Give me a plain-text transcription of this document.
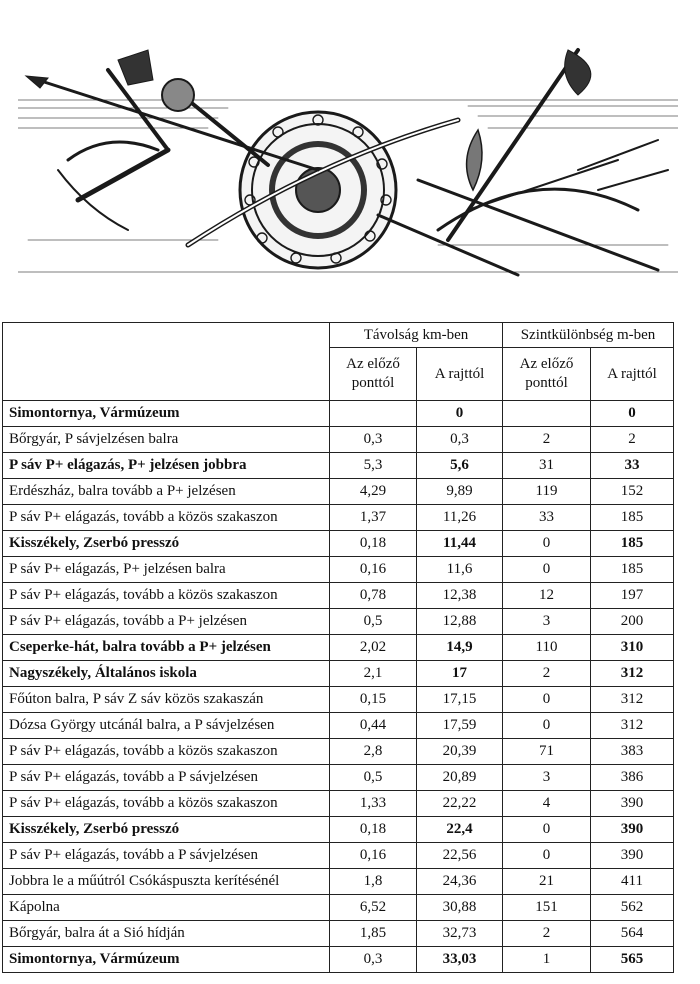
	Távolság km-ben		Szintkülönbség m-ben	

	Az előző
ponttól	A rajttól	Az előző
ponttól	A rajttól
Simontornya, Vármúzeum		0		0
Bőrgyár, P sávjelzésen balra	0,3	0,3	2	2
P sáv P+ elágazás, P+ jelzésen jobbra	5,3	5,6	31	33
Erdészház, balra tovább a P+ jelzésen	4,29	9,89	119	152
P sáv P+ elágazás, tovább a közös szakaszon	1,37	11,26	33	185
Kisszékely, Zserbó presszó	0,18	11,44	0	185
P sáv P+ elágazás, P+ jelzésen balra	0,16	11,6	0	185
P sáv P+ elágazás, tovább a közös szakaszon	0,78	12,38	12	197
P sáv P+ elágazás, tovább a P+ jelzésen	0,5	12,88	3	200
Cseperke-hát, balra tovább a P+ jelzésen	2,02	14,9	110	310
Nagyszékely, Általános iskola	2,1	17	2	312
Főúton balra, P sáv Z sáv közös szakaszán	0,15	17,15	0	312
Dózsa György utcánál balra, a P sávjelzésen	0,44	17,59	0	312
P sáv P+ elágazás, tovább a közös szakaszon	2,8	20,39	71	383
P sáv P+ elágazás, tovább a P sávjelzésen	0,5	20,89	3	386
P sáv P+ elágazás, tovább a közös szakaszon	1,33	22,22	4	390
Kisszékely, Zserbó presszó	0,18	22,4	0	390
P sáv P+ elágazás, tovább a P sávjelzésen	0,16	22,56	0	390
Jobbra le a műútról Csókáspuszta kerítésénél	1,8	24,36	21	411
Kápolna	6,52	30,88	151	562
Bőrgyár, balra át a Sió hídján	1,85	32,73	2	564
Simontornya, Vármúzeum	0,3	33,03	1	565
